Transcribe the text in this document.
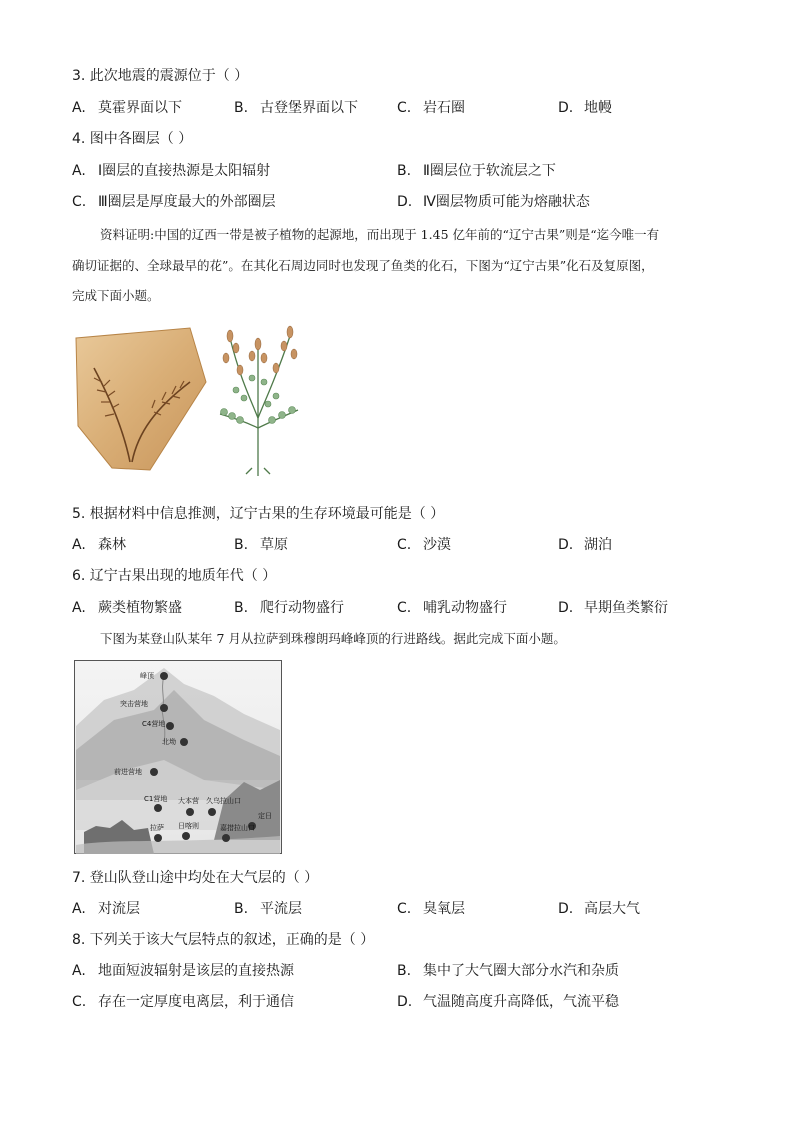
3. 此次地震的震源位于（ ）
A. 莫霍界面以下	B. 古登堡界面以下	C. 岩石圈	D. 地幔
4. 图中各圈层（ ）
A. Ⅰ圈层的直接热源是太阳辐射	B. Ⅱ圈层位于软流层之下
C. Ⅲ圈层是厚度最大的外部圈层	D. Ⅳ圈层物质可能为熔融状态
资料证明:中国的辽西一带是被子植物的起源地，而出现于 1.45 亿年前的“辽宁古果”则是“迄今唯一有
确切证据的、全球最早的花”。在其化石周边同时也发现了鱼类的化石，下图为“辽宁古果”化石及复原图，
完成下面小题。
5. 根据材料中信息推测，辽宁古果的生存环境最可能是（ ）
A. 森林	B. 草原	C. 沙漠	D. 湖泊
6. 辽宁古果出现的地质年代（ ）
A. 蕨类植物繁盛	B. 爬行动物盛行	C. 哺乳动物盛行	D. 早期鱼类繁衍
下图为某登山队某年 7 月从拉萨到珠穆朗玛峰峰顶的行进路线。据此完成下面小题。
峰顶
突击营地
C4营地
北坳
前进营地
C1营地 大本营 久乌拉山口
定日
拉萨 日喀则	嘉措拉山口
7. 登山队登山途中均处在大气层的（ ）
A. 对流层	B. 平流层	C. 臭氧层	D. 高层大气
8. 下列关于该大气层特点的叙述，正确的是（ ）
A. 地面短波辐射是该层的直接热源	B. 集中了大气圈大部分水汽和杂质
C. 存在一定厚度电离层，利于通信	D. 气温随高度升高降低，气流平稳
